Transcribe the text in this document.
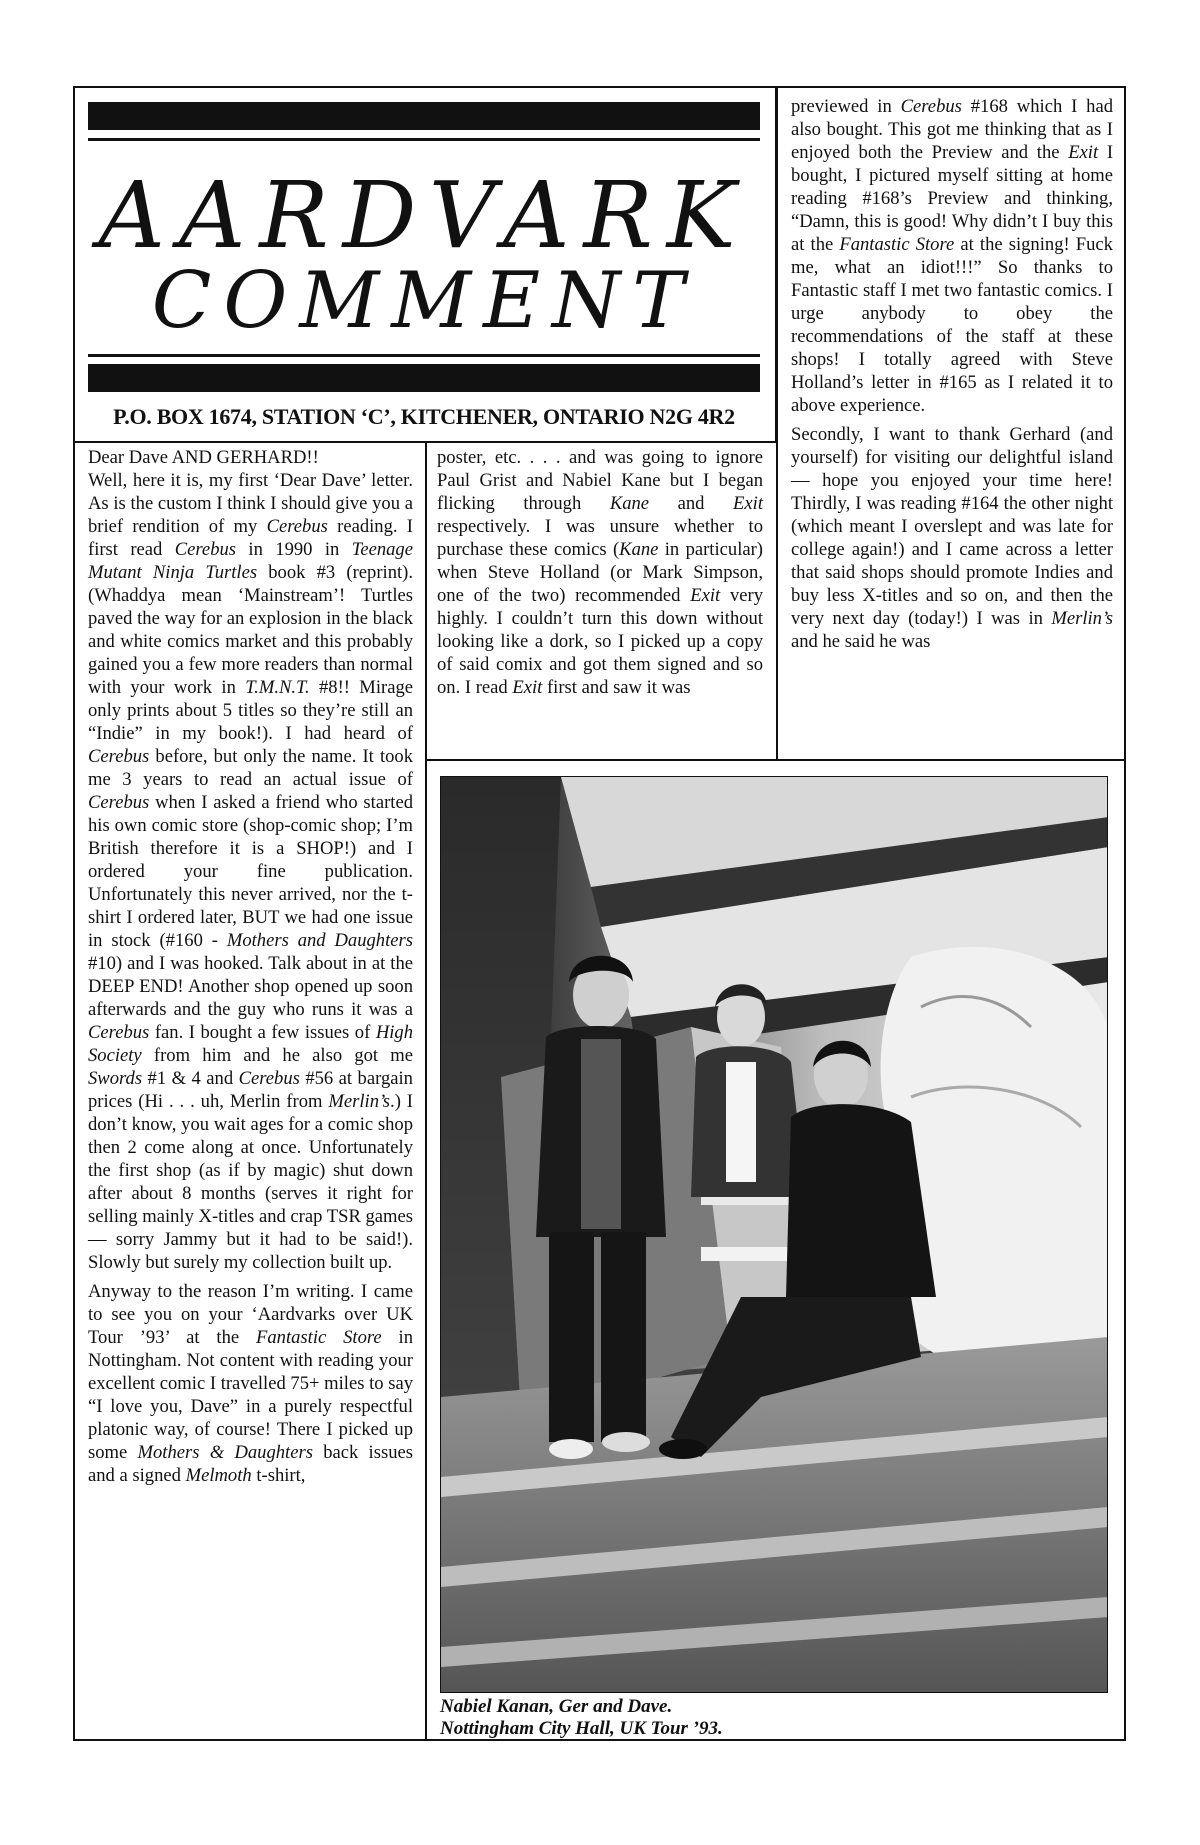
AARDVARK
COMMENT
P.O. BOX 1674, STATION ‘C’, KITCHENER, ONTARIO N2G 4R2

Dear Dave AND GERHARD!!

Well, here it is, my first ‘Dear Dave’ letter. As is the custom I think I should give you a brief rendition of my Cerebus reading. I first read Cerebus in 1990 in Teenage Mutant Ninja Turtles book #3 (reprint). (Whaddya mean ‘Mainstream’! Turtles paved the way for an explosion in the black and white comics market and this probably gained you a few more readers than normal with your work in T.M.N.T. #8!! Mirage only prints about 5 titles so they’re still an “Indie” in my book!). I had heard of Cerebus before, but only the name. It took me 3 years to read an actual issue of Cerebus when I asked a friend who started his own comic store (shop-comic shop; I’m British therefore it is a SHOP!) and I ordered your fine publication. Unfortunately this never arrived, nor the t-shirt I ordered later, BUT we had one issue in stock (#160 - Mothers and Daughters #10) and I was hooked. Talk about in at the DEEP END! Another shop opened up soon afterwards and the guy who runs it was a Cerebus fan. I bought a few issues of High Society from him and he also got me Swords #1 & 4 and Cerebus #56 at bargain prices (Hi . . . uh, Merlin from Merlin’s.) I don’t know, you wait ages for a comic shop then 2 come along at once. Unfortunately the first shop (as if by magic) shut down after about 8 months (serves it right for selling mainly X-titles and crap TSR games — sorry Jammy but it had to be said!). Slowly but surely my collection built up.

Anyway to the reason I’m writing. I came to see you on your ‘Aardvarks over UK Tour ’93’ at the Fantastic Store in Nottingham. Not content with reading your excellent comic I travelled 75+ miles to say “I love you, Dave” in a purely respectful platonic way, of course! There I picked up some Mothers & Daughters back issues and a signed Melmoth t-shirt,

poster, etc. . . . and was going to ignore Paul Grist and Nabiel Kane but I began flicking through Kane and Exit respectively. I was unsure whether to purchase these comics (Kane in particular) when Steve Holland (or Mark Simpson, one of the two) recommended Exit very highly. I couldn’t turn this down without looking like a dork, so I picked up a copy of said comix and got them signed and so on. I read Exit first and saw it was

previewed in Cerebus #168 which I had also bought. This got me thinking that as I enjoyed both the Preview and the Exit I bought, I pictured myself sitting at home reading #168’s Preview and thinking, “Damn, this is good! Why didn’t I buy this at the Fantastic Store at the signing! Fuck me, what an idiot!!!” So thanks to Fantastic staff I met two fantastic comics. I urge anybody to obey the recommendations of the staff at these shops! I totally agreed with Steve Holland’s letter in #165 as I related it to above experience.

Secondly, I want to thank Gerhard (and yourself) for visiting our delightful island — hope you enjoyed your time here! Thirdly, I was reading #164 the other night (which meant I overslept and was late for college again!) and I came across a letter that said shops should promote Indies and buy less X-titles and so on, and then the very next day (today!) I was in Merlin’s and he said he was

Nabiel Kanan, Ger and Dave.
Nottingham City Hall, UK Tour ’93.
